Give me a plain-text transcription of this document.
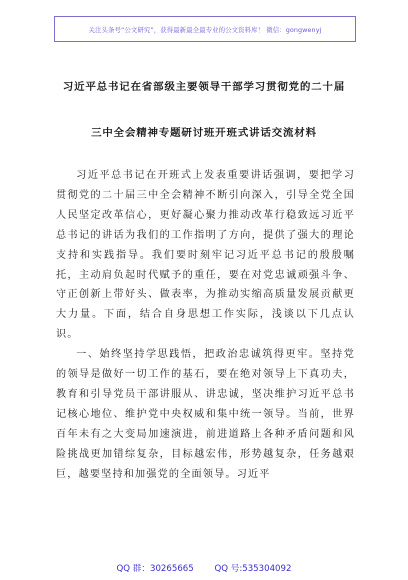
关注头条号“公文研究”，获得最新最全最专业的公文资料库！ 微信：gongwenyj
习近平总书记在省部级主要领导干部学习贯彻党的二十届
三中全会精神专题研讨班开班式讲话交流材料

习近平总书记在开班式上发表重要讲话强调，要把学习贯彻党的二十届三中全会精神不断引向深入，引导全党全国人民坚定改革信心，更好凝心聚力推动改革行稳致远习近平总书记的讲话为我们的工作指明了方向，提供了强大的理论支持和实践指导。我们要时刻牢记习近平总书记的殷殷嘱托，主动肩负起时代赋予的重任，要在对党忠诚顽强斗争、守正创新上带好头、做表率，为推动实缩高质量发展贡献更大力量。下面，结合自身思想工作实际，浅谈以下几点认识。

一、始终坚持学思践悟，把政治忠诚筑得更牢。坚持党的领导是做好一切工作的基石，要在绝对领导上下真功夫，教育和引导党员干部讲服从、讲忠诚，坚决维护习近平总书记核心地位、维护党中央权威和集中统一领导。当前，世界百年未有之大变局加速演进，前进道路上各种矛盾问题和风险挑战更加错综复杂，目标越宏伟，形势越复杂，任务越艰巨，越要坚持和加强党的全面领导。习近平

QQ 群：30265665 QQ 号:535304092
